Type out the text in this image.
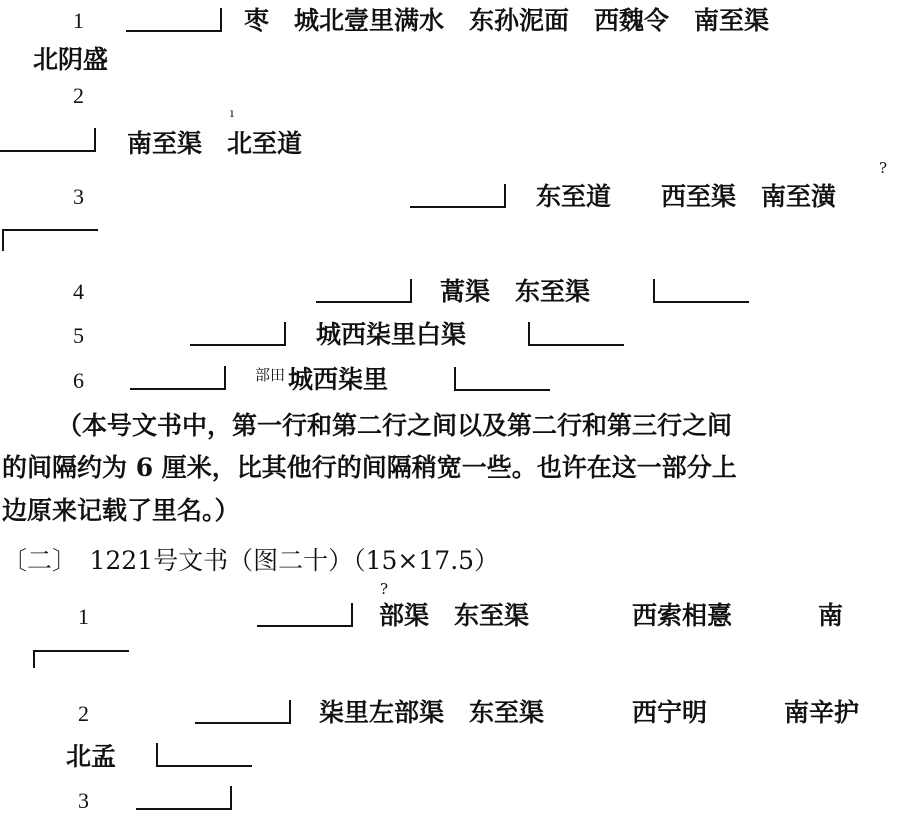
1	枣　城北壹里满水　东孙泥面　西魏令　南至渠
北阴盛
2
ı
南至渠　北至道
3	东至道　　西至渠　南至潢
?
4	蒿渠　东至渠
5	城西柒里白渠
6	部田 城西柒里
（本号文书中，第一行和第二行之间以及第二行和第三行之间
的间隔约为 6 厘米，比其他行的间隔稍宽一些。也许在这一部分上
边原来记载了里名。）
〔二〕　1221号文书（图二十）（15×17.5）
1
?
部渠　东至渠	西索相憙	南
2	柒里左部渠　东至渠	西宁明	南辛护
北孟
3
